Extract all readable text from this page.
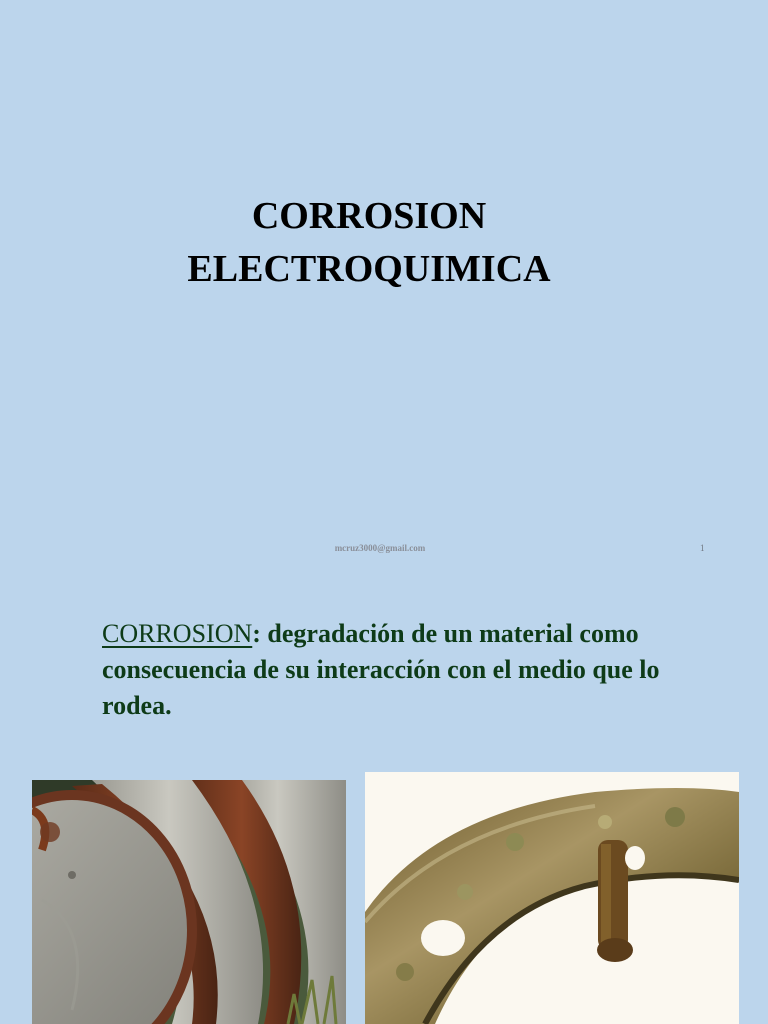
CORROSION
ELECTROQUIMICA
mcruz3000@gmail.com	1

CORROSION: degradación de un material como consecuencia de su interacción con el medio que lo rodea.
